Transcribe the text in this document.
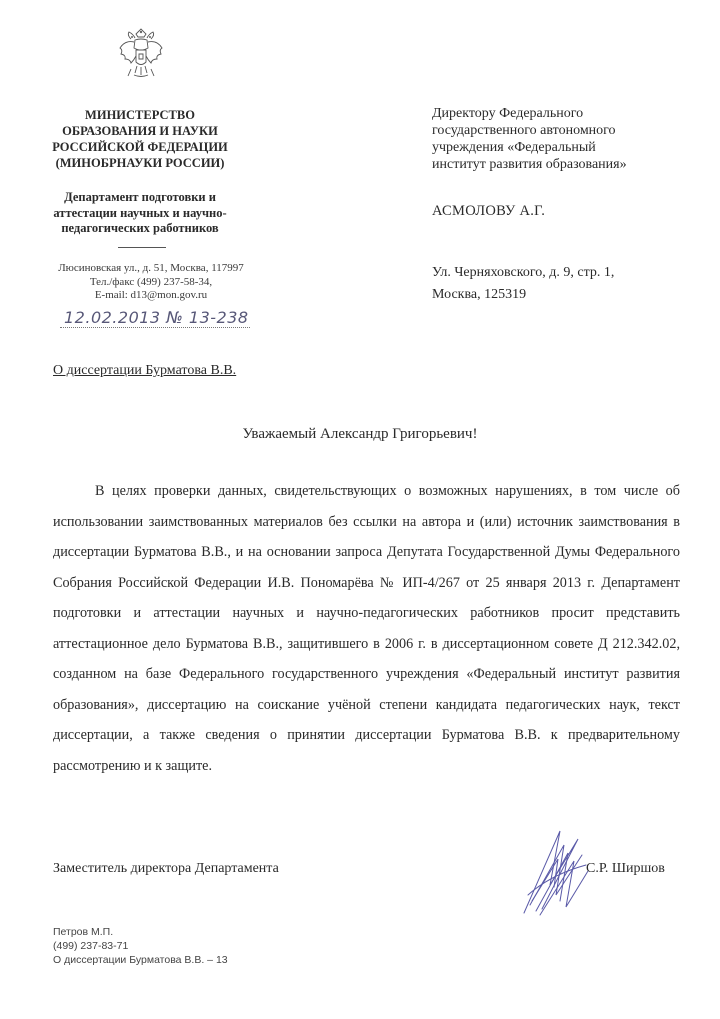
МИНИСТЕРСТВО
ОБРАЗОВАНИЯ И НАУКИ
РОССИЙСКОЙ ФЕДЕРАЦИИ
(МИНОБРНАУКИ РОССИИ)
Департамент подготовки и
аттестации научных и научно-
педагогических работников
Люсиновская ул., д. 51, Москва, 117997
Тел./факс (499) 237-58-34,
E-mail: d13@mon.gov.ru
12.02.2013 № 13-238
Директору Федерального
государственного автономного
учреждения «Федеральный
институт развития образования»
АСМОЛОВУ А.Г.
Ул. Черняховского, д. 9, стр. 1,
Москва, 125319
О диссертации Бурматова В.В.
Уважаемый Александр Григорьевич!
В целях проверки данных, свидетельствующих о возможных нарушениях, в том числе об использовании заимствованных материалов без ссылки на автора и (или) источник заимствования в диссертации Бурматова В.В., и на основании запроса Депутата Государственной Думы Федерального Собрания Российской Федерации И.В. Пономарёва № ИП-4/267 от 25 января 2013 г. Департамент подготовки и аттестации научных и научно-педагогических работников просит представить аттестационное дело Бурматова В.В., защитившего в 2006 г. в диссертационном совете Д 212.342.02, созданном на базе Федерального государственного учреждения «Федеральный институт развития образования», диссертацию на соискание учёной степени кандидата педагогических наук, текст диссертации, а также сведения о принятии диссертации Бурматова В.В. к предварительному рассмотрению и к защите.
Заместитель директора Департамента	С.Р. Ширшов
Петров М.П.
(499) 237-83-71
О диссертации Бурматова В.В. – 13
